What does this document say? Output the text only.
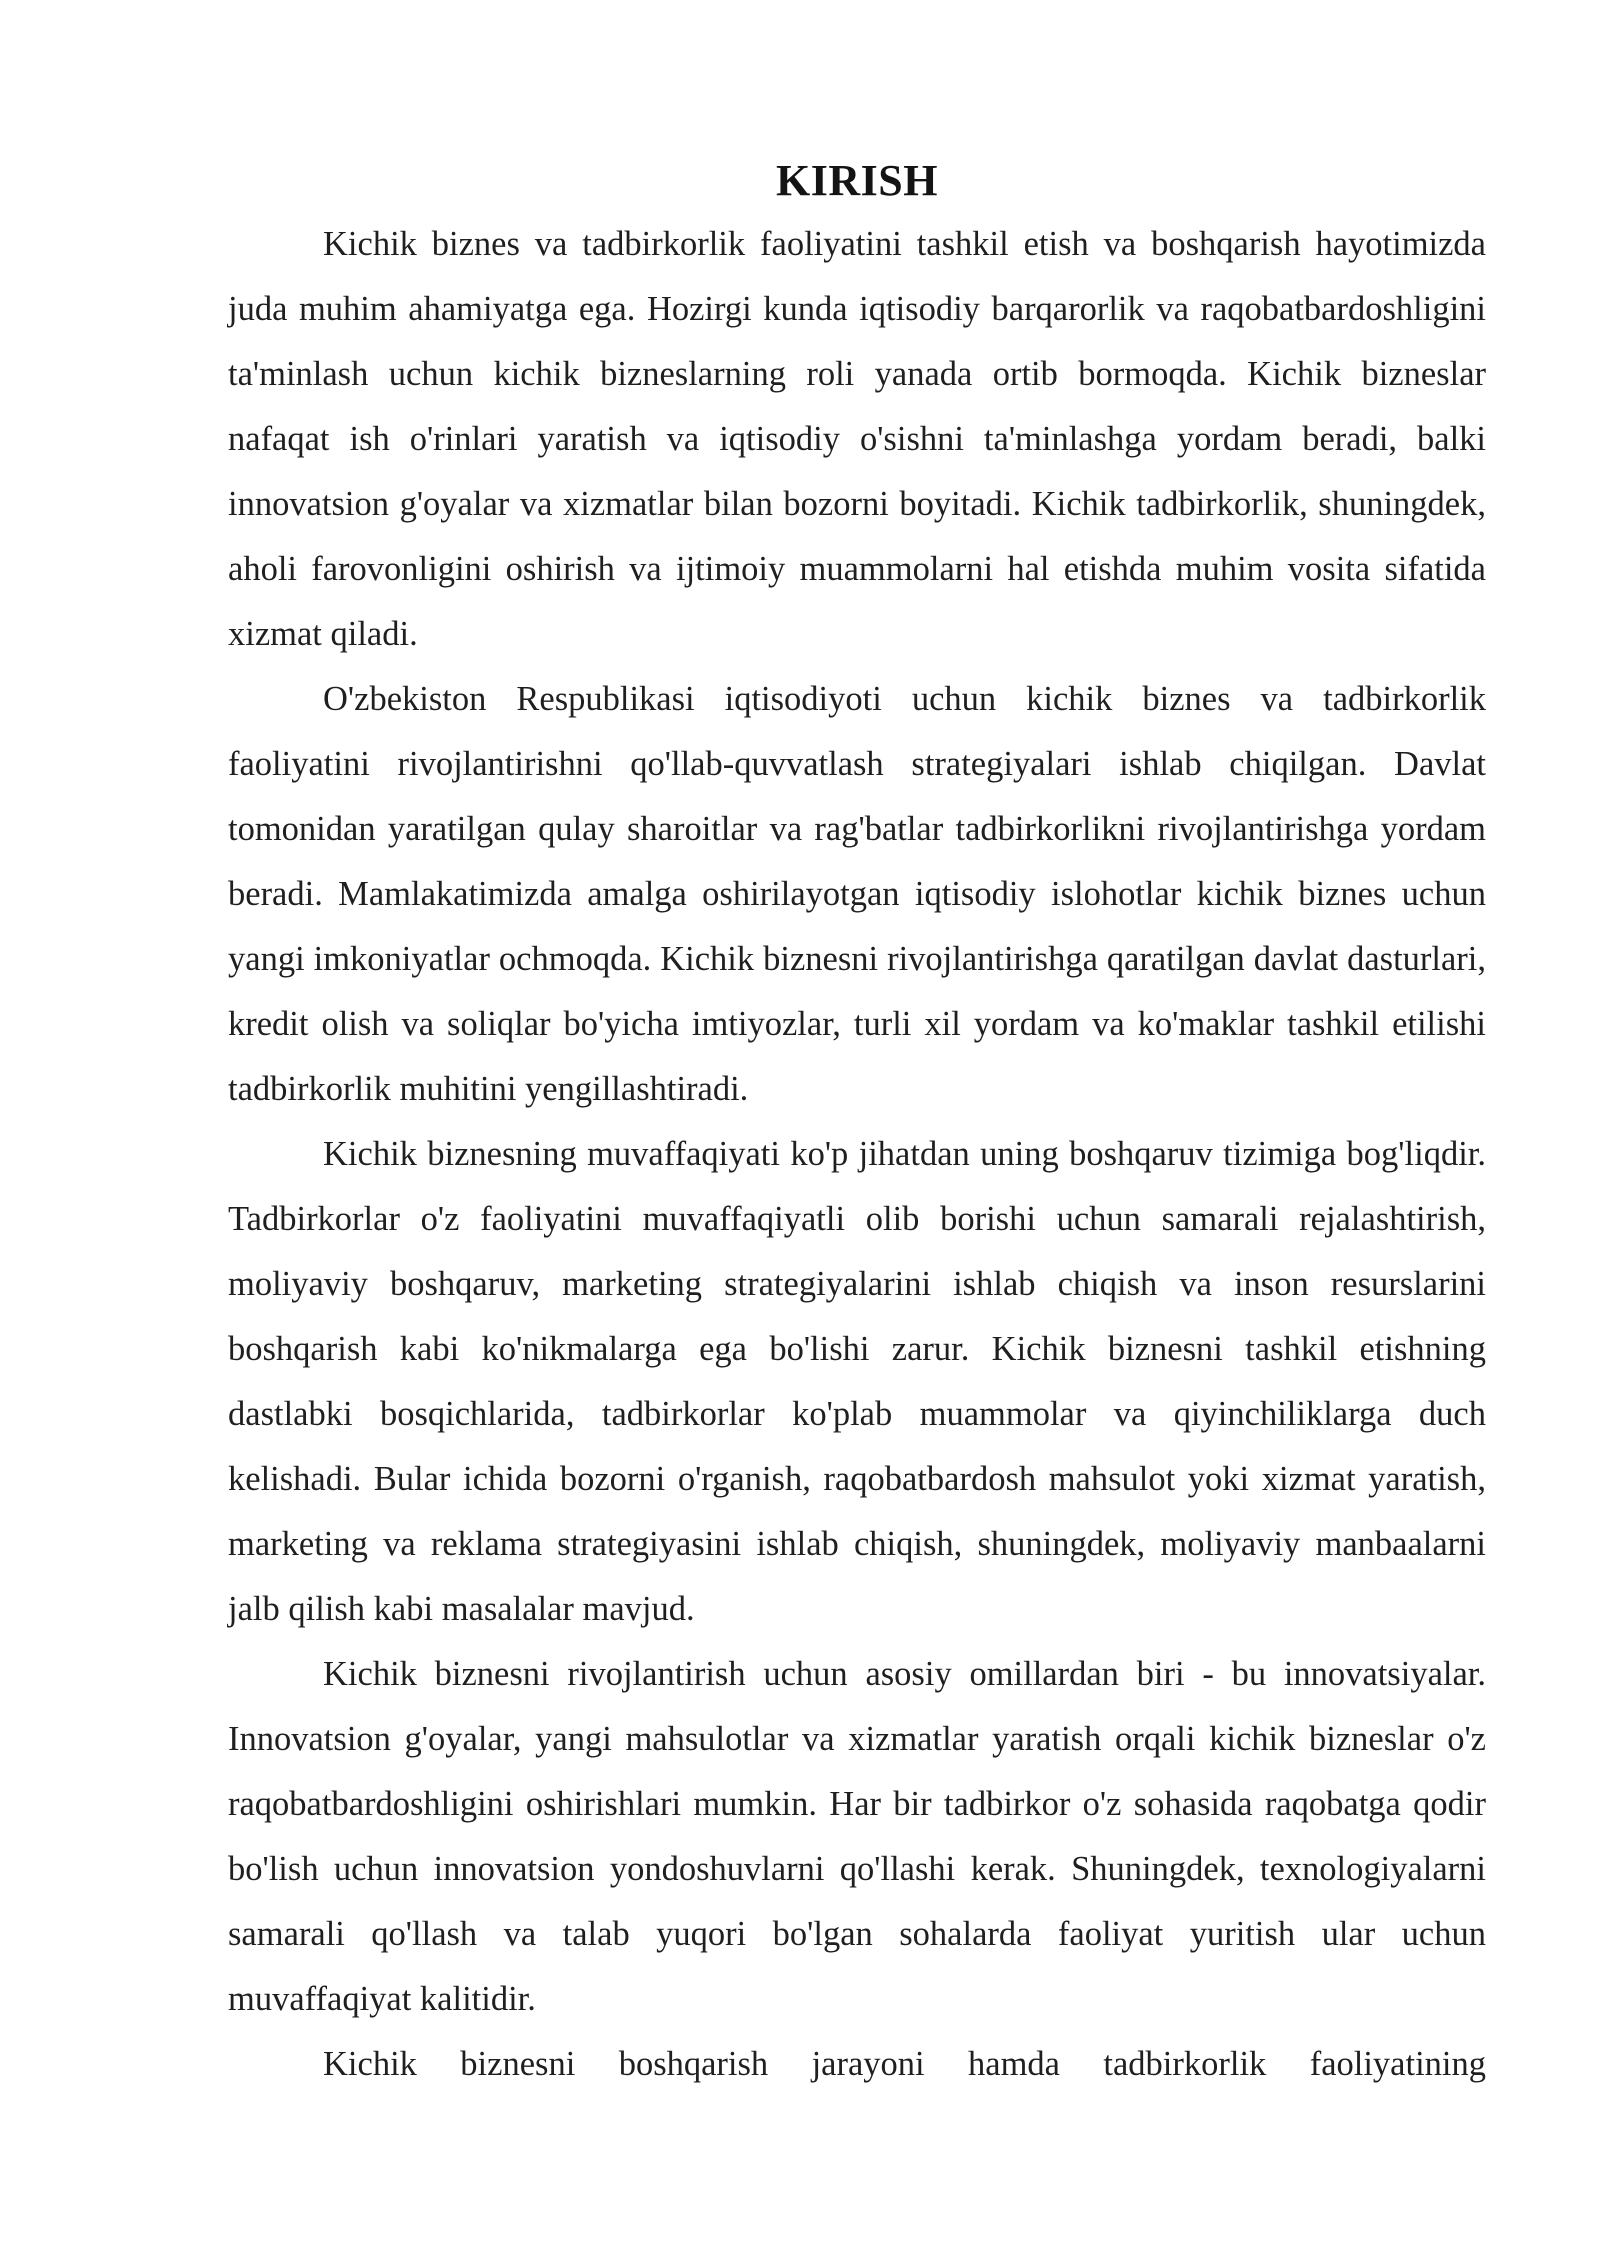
KIRISH

Kichik biznes va tadbirkorlik faoliyatini tashkil etish va boshqarish hayotimizda juda muhim ahamiyatga ega. Hozirgi kunda iqtisodiy barqarorlik va raqobatbardoshligini ta'minlash uchun kichik bizneslarning roli yanada ortib bormoqda. Kichik bizneslar nafaqat ish o'rinlari yaratish va iqtisodiy o'sishni ta'minlashga yordam beradi, balki innovatsion g'oyalar va xizmatlar bilan bozorni boyitadi. Kichik tadbirkorlik, shuningdek, aholi farovonligini oshirish va ijtimoiy muammolarni hal etishda muhim vosita sifatida xizmat qiladi.

O'zbekiston Respublikasi iqtisodiyoti uchun kichik biznes va tadbirkorlik faoliyatini rivojlantirishni qo'llab-quvvatlash strategiyalari ishlab chiqilgan. Davlat tomonidan yaratilgan qulay sharoitlar va rag'batlar tadbirkorlikni rivojlantirishga yordam beradi. Mamlakatimizda amalga oshirilayotgan iqtisodiy islohotlar kichik biznes uchun yangi imkoniyatlar ochmoqda. Kichik biznesni rivojlantirishga qaratilgan davlat dasturlari, kredit olish va soliqlar bo'yicha imtiyozlar, turli xil yordam va ko'maklar tashkil etilishi tadbirkorlik muhitini yengillashtiradi.

Kichik biznesning muvaffaqiyati ko'p jihatdan uning boshqaruv tizimiga bog'liqdir. Tadbirkorlar o'z faoliyatini muvaffaqiyatli olib borishi uchun samarali rejalashtirish, moliyaviy boshqaruv, marketing strategiyalarini ishlab chiqish va inson resurslarini boshqarish kabi ko'nikmalarga ega bo'lishi zarur. Kichik biznesni tashkil etishning dastlabki bosqichlarida, tadbirkorlar ko'plab muammolar va qiyinchiliklarga duch kelishadi. Bular ichida bozorni o'rganish, raqobatbardosh mahsulot yoki xizmat yaratish, marketing va reklama strategiyasini ishlab chiqish, shuningdek, moliyaviy manbaalarni jalb qilish kabi masalalar mavjud.

Kichik biznesni rivojlantirish uchun asosiy omillardan biri - bu innovatsiyalar. Innovatsion g'oyalar, yangi mahsulotlar va xizmatlar yaratish orqali kichik bizneslar o'z raqobatbardoshligini oshirishlari mumkin. Har bir tadbirkor o'z sohasida raqobatga qodir bo'lish uchun innovatsion yondoshuvlarni qo'llashi kerak. Shuningdek, texnologiyalarni samarali qo'llash va talab yuqori bo'lgan sohalarda faoliyat yuritish ular uchun muvaffaqiyat kalitidir.

Kichik biznesni boshqarish jarayoni hamda tadbirkorlik faoliyatining
